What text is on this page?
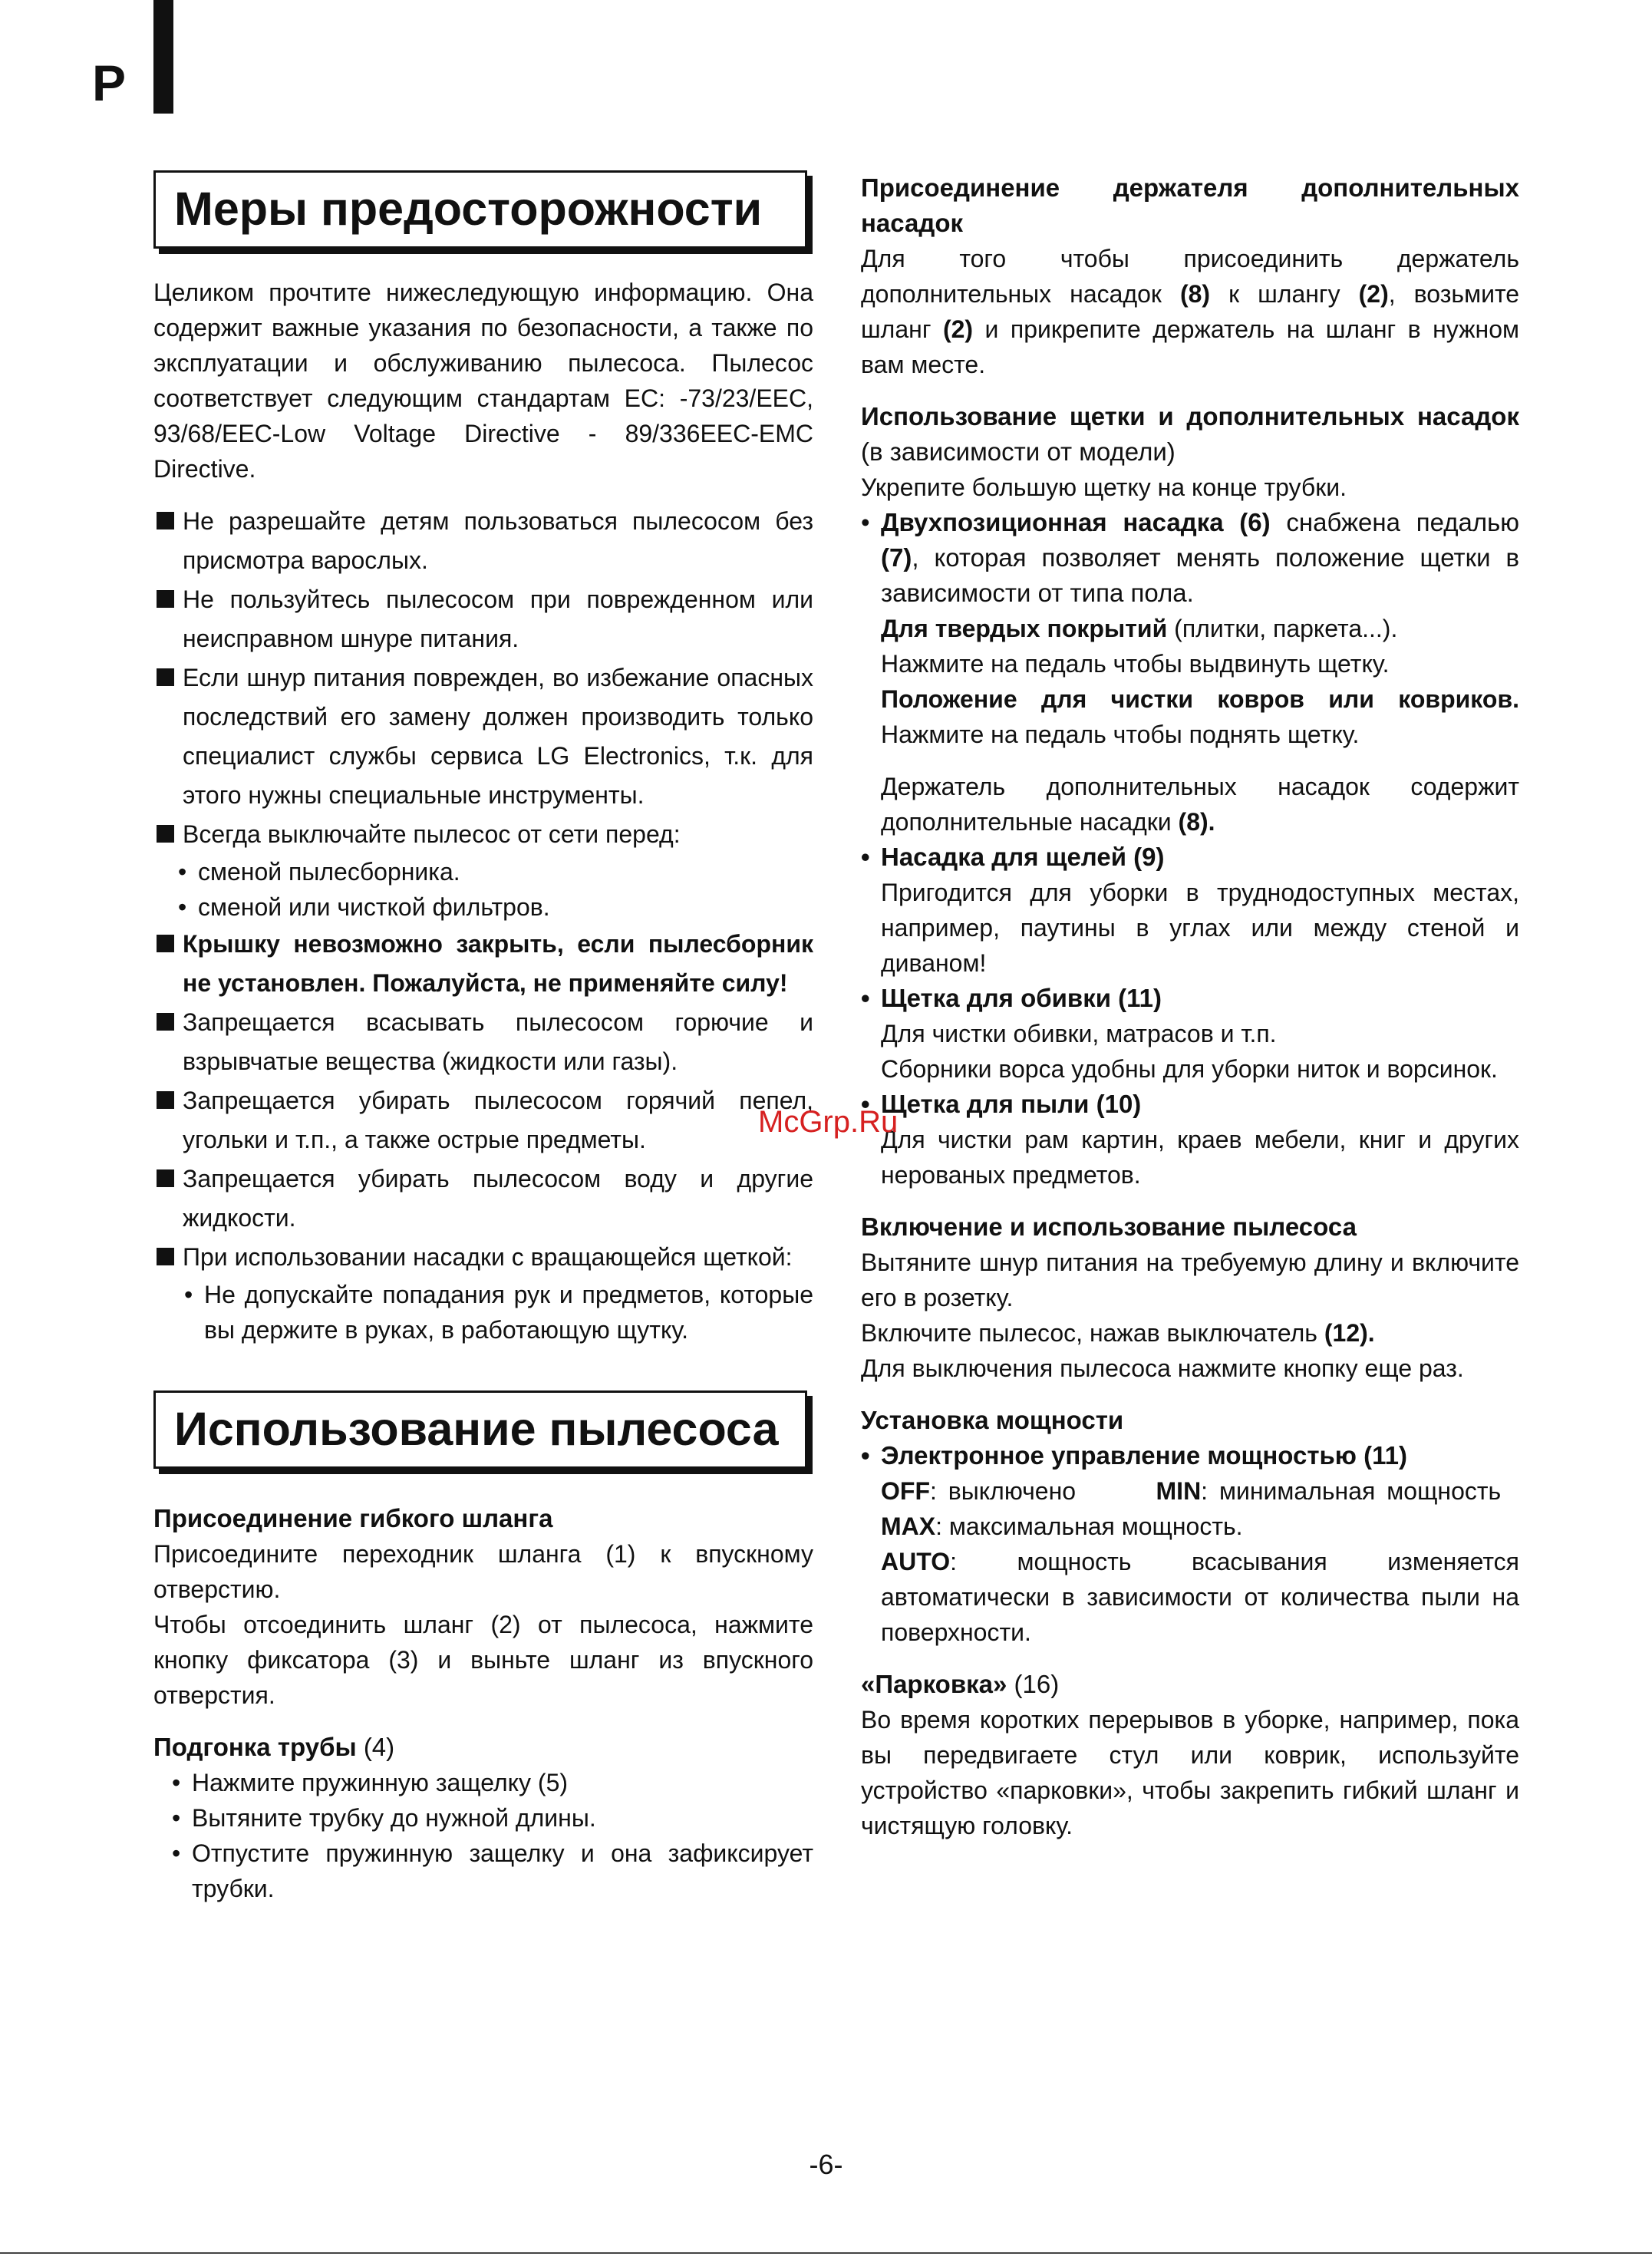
P
Меры предосторожности

Целиком прочтите нижеследующую информацию. Она содержит важные указания по безопасности, а также по эксплуатации и обслуживанию пылесоса. Пылесос соответствует следующим стандартам ЕС: -73/23/EEC, 93/68/EEC-Low Voltage Directive - 89/336EEC-EMC Directive.

Не разрешайте детям пользоваться пылесосом без присмотра варослых.

Не пользуйтесь пылесосом при поврежденном или неисправном шнуре питания.

Если шнур питания поврежден, во избежание опасных последствий его замену должен производить только специалист службы сервиса LG Electronics, т.к. для этого нужны специальные инструменты.

Всегда выключайте пылесос от сети перед:

• сменой пылесборника.

• сменой или чисткой фильтров.

Крышку невозможно закрыть, если пылесборник не установлен. Пожалуйста, не применяйте силу!

Запрещается всасывать пылесосом горючие и взрывчатые вещества (жидкости или газы).

Запрещается убирать пылесосом горячий пепел, угольки и т.п., а также острые предметы.

Запрещается убирать пылесосом воду и другие жидкости.

При использовании насадки с вращающейся щеткой:

• Не допускайте попадания рук и предметов, которые вы держите в руках, в работающую щутку.

Использование пылесоса

Присоединение гибкого шланга

Присоедините переходник шланга (1) к впускному отверстию.

Чтобы отсоединить шланг (2) от пылесоса, нажмите кнопку фиксатора (3) и выньте шланг из впускного отверстия.

Подгонка трубы (4)

• Нажмите пружинную защелку (5)

• Вытяните трубку до нужной длины.

• Отпустите пружинную защелку и она зафиксирует трубки.

Присоединение держателя дополнительных насадок

Для того чтобы присоединить держатель дополнительных насадок (8) к шлангу (2), возьмите шланг (2) и прикрепите держатель на шланг в нужном вам месте.

Использование щетки и дополнительных насадок (в зависимости от модели)

Укрепите большую щетку на конце трубки.

• Двухпозиционная насадка (6) снабжена педалью (7), которая позволяет менять положение щетки в зависимости от типа пола.

Для твердых покрытий (плитки, паркета...).

Нажмите на педаль чтобы выдвинуть щетку.

Положение для чистки ковров или ковриков. Нажмите на педаль чтобы поднять щетку.

Держатель дополнительных насадок содержит дополнительные насадки (8).

• Насадка для щелей (9)

Пригодится для уборки в труднодоступных местах, например, паутины в углах или между стеной и диваном!

• Щетка для обивки (11)

Для чистки обивки, матрасов и т.п.

Сборники ворса удобны для уборки ниток и ворсинок.

• Щетка для пыли (10)

Для чистки рам картин, краев мебели, книг и других нерованых предметов.

Включение и использование пылесоса

Вытяните шнур питания на требуемую длину и включите его в розетку.

Включите пылесос, нажав выключатель (12).

Для выключения пылесоса нажмите кнопку еще раз.

Установка мощности

• Электронное управление мощностью (11)

OFF: выключено	MIN: минимальная мощность   MAX: максимальная мощность.

AUTO: мощность всасывания изменяется автоматически в зависимости от количества пыли на поверхности.

«Парковка» (16)

Во время коротких перерывов в уборке, например, пока вы передвигаете стул или коврик, используйте устройство «парковки», чтобы закрепить гибкий шланг и чистящую головку.

McGrp.Ru
-6-
